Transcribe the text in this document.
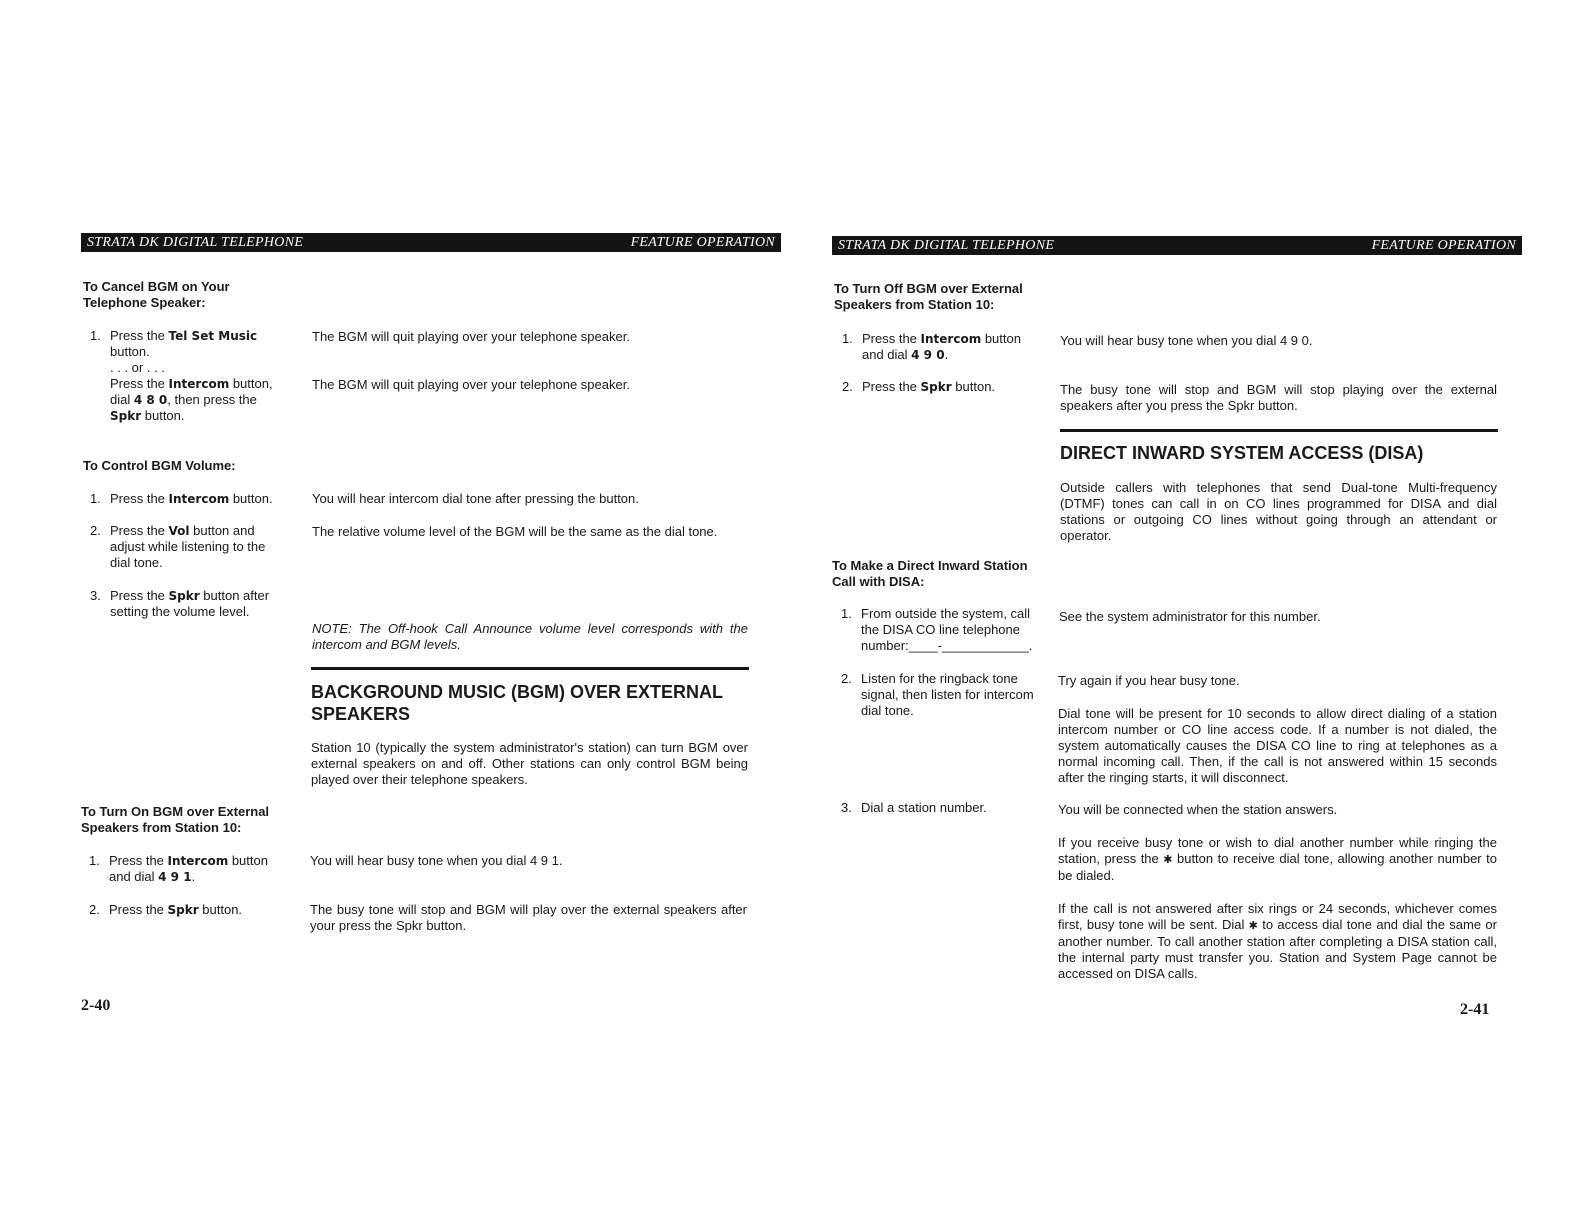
STRATA DK DIGITAL TELEPHONE	FEATURE OPERATION
To Cancel BGM on Your Telephone Speaker:
1. Press the Tel Set Music button.
. . . or . . .
Press the Intercom button, dial 4 8 0, then press the Spkr button.
The BGM will quit playing over your telephone speaker.
The BGM will quit playing over your telephone speaker.
To Control BGM Volume:
1. Press the Intercom button.
2. Press the Vol button and adjust while listening to the dial tone.
3. Press the Spkr button after setting the volume level.
You will hear intercom dial tone after pressing the button.
The relative volume level of the BGM will be the same as the dial tone.
NOTE: The Off-hook Call Announce volume level corresponds with the intercom and BGM levels.
BACKGROUND MUSIC (BGM) OVER EXTERNAL SPEAKERS
Station 10 (typically the system administrator's station) can turn BGM over external speakers on and off. Other stations can only control BGM being played over their telephone speakers.
To Turn On BGM over External Speakers from Station 10:
1. Press the Intercom button and dial 4 9 1.
2. Press the Spkr button.
You will hear busy tone when you dial 4 9 1.
The busy tone will stop and BGM will play over the external speakers after your press the Spkr button.
2-40
STRATA DK DIGITAL TELEPHONE	FEATURE OPERATION
To Turn Off BGM over External Speakers from Station 10:
1. Press the Intercom button and dial 4 9 0.
2. Press the Spkr button.
You will hear busy tone when you dial 4 9 0.
The busy tone will stop and BGM will stop playing over the external speakers after you press the Spkr button.
DIRECT INWARD SYSTEM ACCESS (DISA)
Outside callers with telephones that send Dual-tone Multi-frequency (DTMF) tones can call in on CO lines programmed for DISA and dial stations or outgoing CO lines without going through an attendant or operator.
To Make a Direct Inward Station Call with DISA:
1. From outside the system, call the DISA CO line telephone number:____-____________.
2. Listen for the ringback tone signal, then listen for intercom dial tone.
3. Dial a station number.
See the system administrator for this number.
Try again if you hear busy tone.
Dial tone will be present for 10 seconds to allow direct dialing of a station intercom number or CO line access code. If a number is not dialed, the system automatically causes the DISA CO line to ring at telephones as a normal incoming call. Then, if the call is not answered within 15 seconds after the ringing starts, it will disconnect.
You will be connected when the station answers.
If you receive busy tone or wish to dial another number while ringing the station, press the ✱ button to receive dial tone, allowing another number to be dialed.
If the call is not answered after six rings or 24 seconds, whichever comes first, busy tone will be sent. Dial ✱ to access dial tone and dial the same or another number. To call another station after completing a DISA station call, the internal party must transfer you. Station and System Page cannot be accessed on DISA calls.
2-41
